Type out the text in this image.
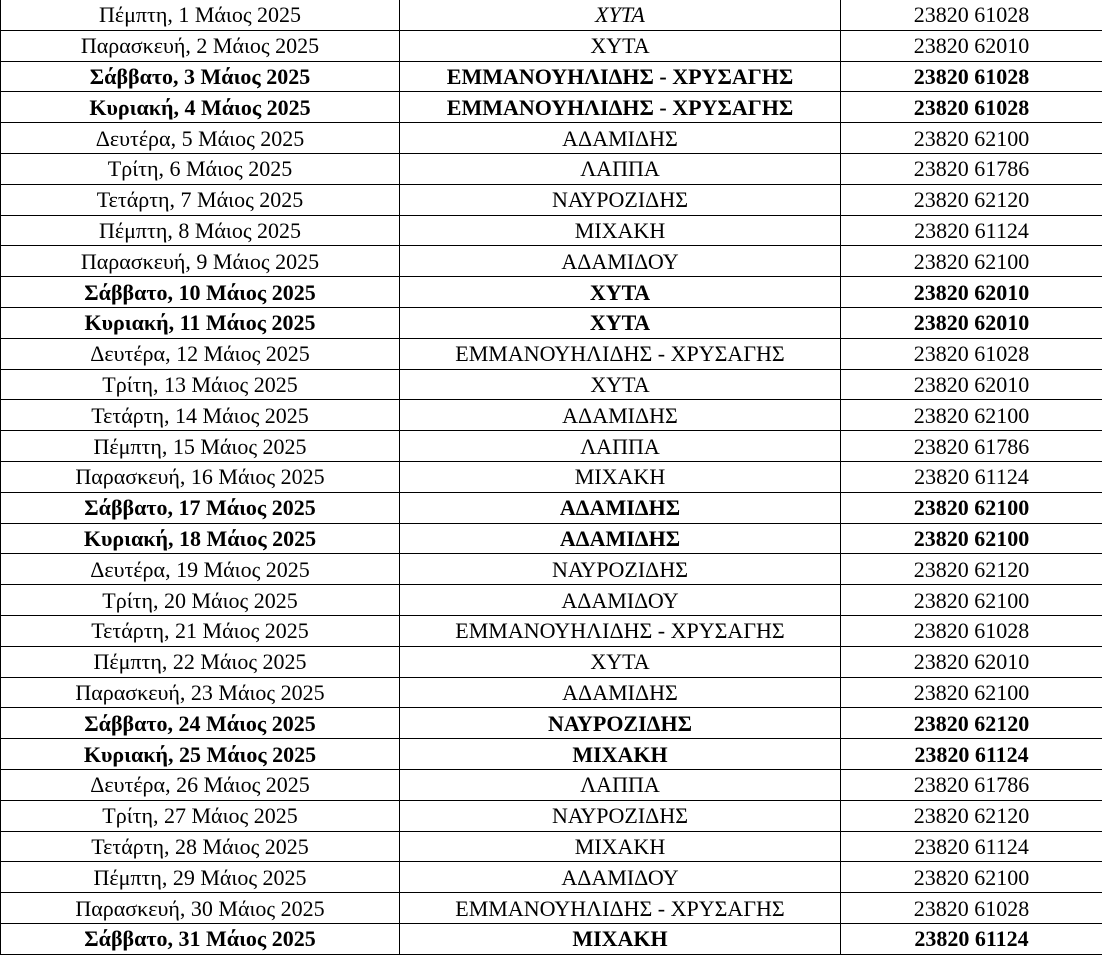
Πέμπτη, 1 Μάιος 2025	ΧΥΤΑ	23820 61028
Παρασκευή, 2 Μάιος 2025	ΧΥΤΑ	23820 62010
Σάββατο, 3 Μάιος 2025	ΕΜΜΑΝΟΥΗΛΙΔΗΣ - ΧΡΥΣΑΓΗΣ	23820 61028
Κυριακή, 4 Μάιος 2025	ΕΜΜΑΝΟΥΗΛΙΔΗΣ - ΧΡΥΣΑΓΗΣ	23820 61028
Δευτέρα, 5 Μάιος 2025	ΑΔΑΜΙΔΗΣ	23820 62100
Τρίτη, 6 Μάιος 2025	ΛΑΠΠΑ	23820 61786
Τετάρτη, 7 Μάιος 2025	ΝΑΥΡΟΖΙΔΗΣ	23820 62120
Πέμπτη, 8 Μάιος 2025	ΜΙΧΑΚΗ	23820 61124
Παρασκευή, 9 Μάιος 2025	ΑΔΑΜΙΔΟΥ	23820 62100
Σάββατο, 10 Μάιος 2025	ΧΥΤΑ	23820 62010
Κυριακή, 11 Μάιος 2025	ΧΥΤΑ	23820 62010
Δευτέρα, 12 Μάιος 2025	ΕΜΜΑΝΟΥΗΛΙΔΗΣ - ΧΡΥΣΑΓΗΣ	23820 61028
Τρίτη, 13 Μάιος 2025	ΧΥΤΑ	23820 62010
Τετάρτη, 14 Μάιος 2025	ΑΔΑΜΙΔΗΣ	23820 62100
Πέμπτη, 15 Μάιος 2025	ΛΑΠΠΑ	23820 61786
Παρασκευή, 16 Μάιος 2025	ΜΙΧΑΚΗ	23820 61124
Σάββατο, 17 Μάιος 2025	ΑΔΑΜΙΔΗΣ	23820 62100
Κυριακή, 18 Μάιος 2025	ΑΔΑΜΙΔΗΣ	23820 62100
Δευτέρα, 19 Μάιος 2025	ΝΑΥΡΟΖΙΔΗΣ	23820 62120
Τρίτη, 20 Μάιος 2025	ΑΔΑΜΙΔΟΥ	23820 62100
Τετάρτη, 21 Μάιος 2025	ΕΜΜΑΝΟΥΗΛΙΔΗΣ - ΧΡΥΣΑΓΗΣ	23820 61028
Πέμπτη, 22 Μάιος 2025	ΧΥΤΑ	23820 62010
Παρασκευή, 23 Μάιος 2025	ΑΔΑΜΙΔΗΣ	23820 62100
Σάββατο, 24 Μάιος 2025	ΝΑΥΡΟΖΙΔΗΣ	23820 62120
Κυριακή, 25 Μάιος 2025	ΜΙΧΑΚΗ	23820 61124
Δευτέρα, 26 Μάιος 2025	ΛΑΠΠΑ	23820 61786
Τρίτη, 27 Μάιος 2025	ΝΑΥΡΟΖΙΔΗΣ	23820 62120
Τετάρτη, 28 Μάιος 2025	ΜΙΧΑΚΗ	23820 61124
Πέμπτη, 29 Μάιος 2025	ΑΔΑΜΙΔΟΥ	23820 62100
Παρασκευή, 30 Μάιος 2025	ΕΜΜΑΝΟΥΗΛΙΔΗΣ - ΧΡΥΣΑΓΗΣ	23820 61028
Σάββατο, 31 Μάιος 2025	ΜΙΧΑΚΗ	23820 61124
